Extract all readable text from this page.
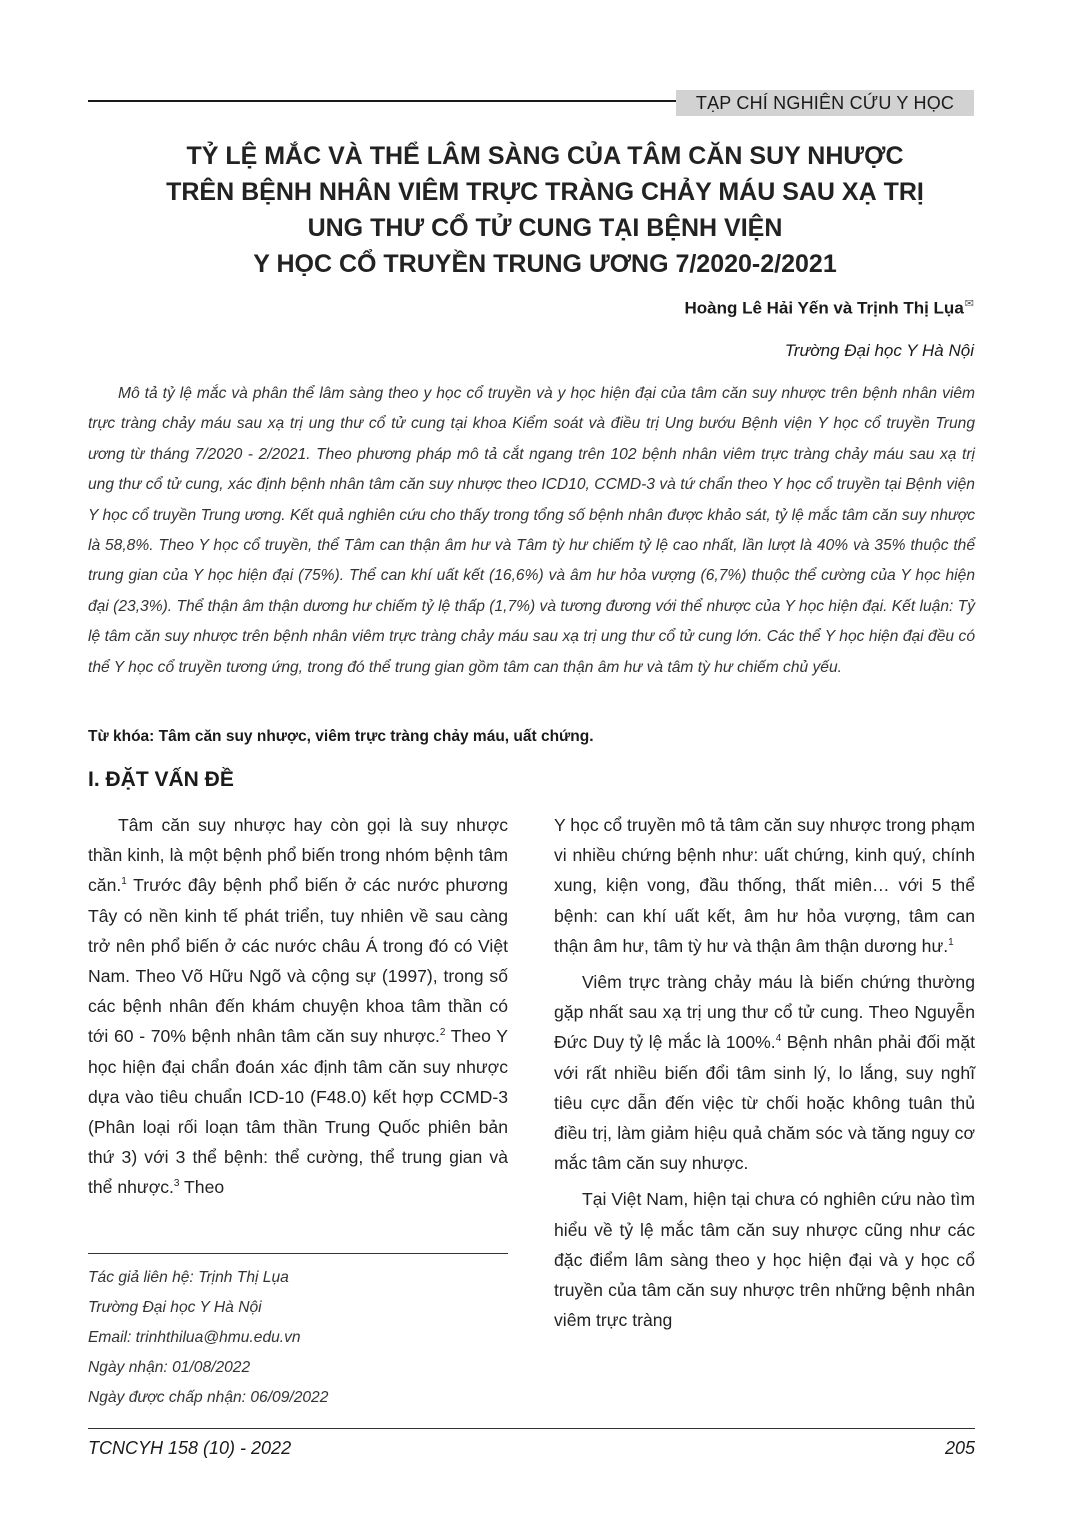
TẠP CHÍ NGHIÊN CỨU Y HỌC
TỶ LỆ MẮC VÀ THỂ LÂM SÀNG CỦA TÂM CĂN SUY NHƯỢC
TRÊN BỆNH NHÂN VIÊM TRỰC TRÀNG CHẢY MÁU SAU XẠ TRỊ
UNG THƯ CỔ TỬ CUNG TẠI BỆNH VIỆN
Y HỌC CỔ TRUYỀN TRUNG ƯƠNG 7/2020-2/2021
Hoàng Lê Hải Yến và Trịnh Thị Lụa✉
Trường Đại học Y Hà Nội

Mô tả tỷ lệ mắc và phân thể lâm sàng theo y học cổ truyền và y học hiện đại của tâm căn suy nhược trên bệnh nhân viêm trực tràng chảy máu sau xạ trị ung thư cổ tử cung tại khoa Kiểm soát và điều trị Ung bướu Bệnh viện Y học cổ truyền Trung ương từ tháng 7/2020 - 2/2021. Theo phương pháp mô tả cắt ngang trên 102 bệnh nhân viêm trực tràng chảy máu sau xạ trị ung thư cổ tử cung, xác định bệnh nhân tâm căn suy nhược theo ICD10, CCMD-3 và tứ chẩn theo Y học cổ truyền tại Bệnh viện Y học cổ truyền Trung ương. Kết quả nghiên cứu cho thấy trong tổng số bệnh nhân được khảo sát, tỷ lệ mắc tâm căn suy nhược là 58,8%. Theo Y học cổ truyền, thể Tâm can thận âm hư và Tâm tỳ hư chiếm tỷ lệ cao nhất, lần lượt là 40% và 35% thuộc thể trung gian của Y học hiện đại (75%). Thể can khí uất kết (16,6%) và âm hư hỏa vượng (6,7%) thuộc thể cường của Y học hiện đại (23,3%). Thể thận âm thận dương hư chiếm tỷ lệ thấp (1,7%) và tương đương với thể nhược của Y học hiện đại. Kết luận: Tỷ lệ tâm căn suy nhược trên bệnh nhân viêm trực tràng chảy máu sau xạ trị ung thư cổ tử cung lớn. Các thể Y học hiện đại đều có thể Y học cổ truyền tương ứng, trong đó thể trung gian gồm tâm can thận âm hư và tâm tỳ hư chiếm chủ yếu.

Từ khóa: Tâm căn suy nhược, viêm trực tràng chảy máu, uất chứng.
I. ĐẶT VẤN ĐỀ

Tâm căn suy nhược hay còn gọi là suy nhược thần kinh, là một bệnh phổ biến trong nhóm bệnh tâm căn.$^1$ Trước đây bệnh phổ biến ở các nước phương Tây có nền kinh tế phát triển, tuy nhiên về sau càng trở nên phổ biến ở các nước châu Á trong đó có Việt Nam. Theo Võ Hữu Ngõ và cộng sự (1997), trong số các bệnh nhân đến khám chuyện khoa tâm thần có tới 60 - 70% bệnh nhân tâm căn suy nhược.$^2$ Theo Y học hiện đại chẩn đoán xác định tâm căn suy nhược dựa vào tiêu chuẩn ICD-10 (F48.0) kết hợp CCMD-3 (Phân loại rối loạn tâm thần Trung Quốc phiên bản thứ 3) với 3 thể bệnh: thể cường, thể trung gian và thể nhược.$^3$ Theo

Y học cổ truyền mô tả tâm căn suy nhược trong phạm vi nhiều chứng bệnh như: uất chứng, kinh quý, chính xung, kiện vong, đầu thống, thất miên… với 5 thể bệnh: can khí uất kết, âm hư hỏa vượng, tâm can thận âm hư, tâm tỳ hư và thận âm thận dương hư.$^1$

Viêm trực tràng chảy máu là biến chứng thường gặp nhất sau xạ trị ung thư cổ tử cung. Theo Nguyễn Đức Duy tỷ lệ mắc là 100%.$^4$ Bệnh nhân phải đối mặt với rất nhiều biến đổi tâm sinh lý, lo lắng, suy nghĩ tiêu cực dẫn đến việc từ chối hoặc không tuân thủ điều trị, làm giảm hiệu quả chăm sóc và tăng nguy cơ mắc tâm căn suy nhược.

Tại Việt Nam, hiện tại chưa có nghiên cứu nào tìm hiểu về tỷ lệ mắc tâm căn suy nhược cũng như các đặc điểm lâm sàng theo y học hiện đại và y học cổ truyền của tâm căn suy nhược trên những bệnh nhân viêm trực tràng

Tác giả liên hệ: Trịnh Thị Lụa
Trường Đại học Y Hà Nội
Email: trinhthilua@hmu.edu.vn
Ngày nhận: 01/08/2022
Ngày được chấp nhận: 06/09/2022
TCNCYH 158 (10) - 2022	205
